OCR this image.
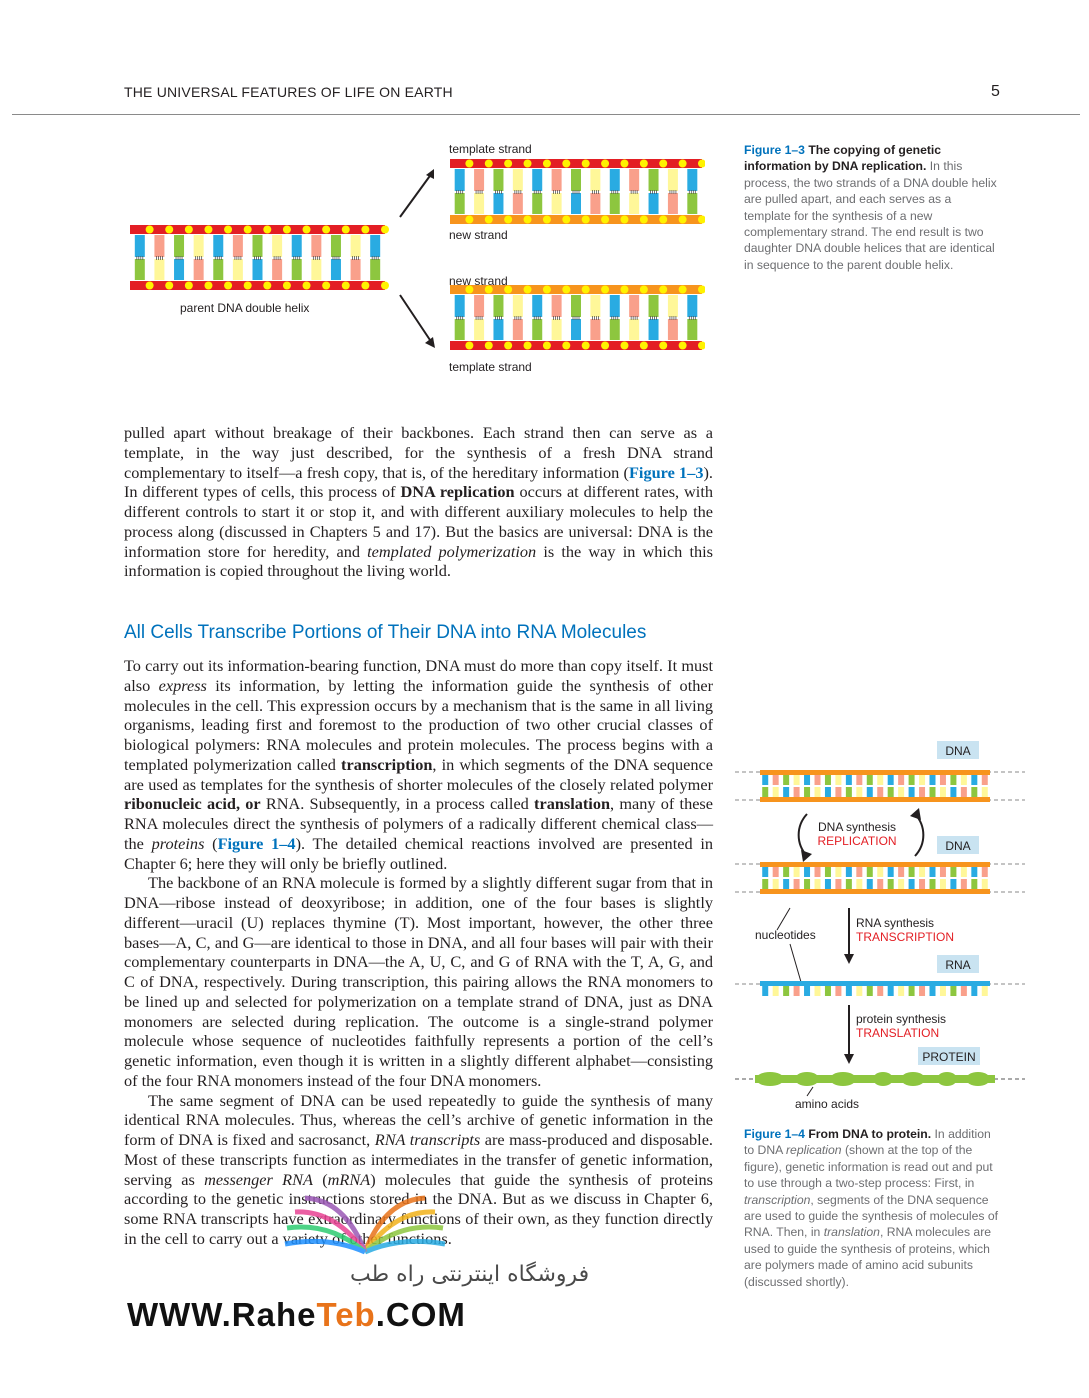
THE UNIVERSAL FEATURES OF LIFE ON EARTH	5
template strand
new strand
new strand
template strand
parent DNA double helix
Figure 1–3 The copying of genetic information by DNA replication. In this process, the two strands of a DNA double helix are pulled apart, and each serves as a template for the synthesis of a new complementary strand. The end result is two daughter DNA double helices that are identical in sequence to the parent double helix.

pulled apart without breakage of their backbones. Each strand then can serve as a template, in the way just described, for the synthesis of a fresh DNA strand complementary to itself—a fresh copy, that is, of the hereditary information (Figure 1–3). In different types of cells, this process of DNA replication occurs at different rates, with different controls to start it or stop it, and with different auxiliary molecules to help the process along (discussed in Chapters 5 and 17). But the basics are universal: DNA is the information store for heredity, and templated polymerization is the way in which this information is copied throughout the living world.

All Cells Transcribe Portions of Their DNA into RNA Molecules

To carry out its information-bearing function, DNA must do more than copy itself. It must also express its information, by letting the information guide the synthesis of other molecules in the cell. This expression occurs by a mechanism that is the same in all living organisms, leading first and foremost to the production of two other crucial classes of biological polymers: RNA molecules and protein molecules. The process begins with a templated polymerization called transcription, in which segments of the DNA sequence are used as templates for the synthesis of shorter molecules of the closely related polymer ribonucleic acid, or RNA. Subsequently, in a process called translation, many of these RNA molecules direct the synthesis of polymers of a radically different chemical class—the proteins (Figure 1–4). The detailed chemical reactions involved are presented in Chapter 6; here they will only be briefly outlined.

The backbone of an RNA molecule is formed by a slightly different sugar from that in DNA—ribose instead of deoxyribose; in addition, one of the four bases is slightly different—uracil (U) replaces thymine (T). Most important, however, the other three bases—A, C, and G—are identical to those in DNA, and all four bases will pair with their complementary counterparts in DNA—the A, U, C, and G of RNA with the T, A, G, and C of DNA, respectively. During transcription, this pairing allows the RNA monomers to be lined up and selected for polymerization on a template strand of DNA, just as DNA monomers are selected during replication. The outcome is a single-strand polymer molecule whose sequence of nucleotides faithfully represents a portion of the cell’s genetic information, even though it is written in a slightly different alphabet—consisting of the four RNA monomers instead of the four DNA monomers.

The same segment of DNA can be used repeatedly to guide the synthesis of many identical RNA molecules. Thus, whereas the cell’s archive of genetic information in the form of DNA is fixed and sacrosanct, RNA transcripts are mass-produced and disposable. Most of these transcripts function as intermediates in the transfer of genetic information, serving as messenger RNA (mRNA) molecules that guide the synthesis of proteins according to the genetic instructions stored in the DNA. But as we discuss in Chapter 6, some RNA transcripts have extraordinary functions of their own, as they function directly in the cell to carry out a variety of other functions.

DNA
DNA synthesis
REPLICATION	DNA
RNA synthesis
TRANSCRIPTION
nucleotides
RNA
protein synthesis
TRANSLATION
PROTEIN
amino acids
Figure 1–4 From DNA to protein. In addition to DNA replication (shown at the top of the figure), genetic information is read out and put to use through a two-step process: First, in transcription, segments of the DNA sequence are used to guide the synthesis of molecules of RNA. Then, in translation, RNA molecules are used to guide the synthesis of proteins, which are polymers made of amino acid subunits (discussed shortly).
فروشگاه اینترنتی راه طب
WWW.RaheTeb.COM
